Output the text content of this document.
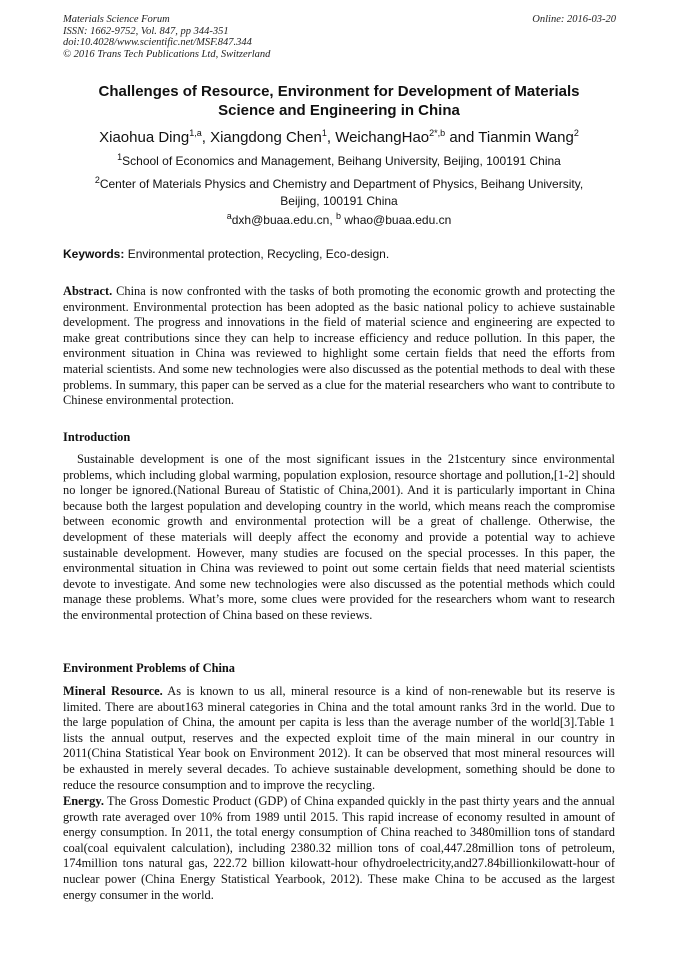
Materials Science Forum
ISSN: 1662-9752, Vol. 847, pp 344-351
doi:10.4028/www.scientific.net/MSF.847.344
© 2016 Trans Tech Publications Ltd, Switzerland
Online: 2016-03-20
Challenges of Resource, Environment for Development of Materials
Science and Engineering in China
Xiaohua Ding$^{1,a}$, Xiangdong Chen$^1$, WeichangHao$^{2*,b}$ and Tianmin Wang$^2$
$^1$School of Economics and Management, Beihang University, Beijing, 100191 China
$^2$Center of Materials Physics and Chemistry and Department of Physics, Beihang University,
Beijing, 100191 China
$^a$dxh@buaa.edu.cn, $^b$ whao@buaa.edu.cn
Keywords: Environmental protection, Recycling, Eco-design.
Abstract. China is now confronted with the tasks of both promoting the economic growth and protecting the environment. Environmental protection has been adopted as the basic national policy to achieve sustainable development. The progress and innovations in the field of material science and engineering are expected to make great contributions since they can help to increase efficiency and reduce pollution. In this paper, the environment situation in China was reviewed to highlight some certain fields that need the efforts from material scientists. And some new technologies were also discussed as the potential methods to deal with these problems. In summary, this paper can be served as a clue for the material researchers who want to contribute to Chinese environmental protection.
Introduction
Sustainable development is one of the most significant issues in the 21stcentury since environmental problems, which including global warming, population explosion, resource shortage and pollution,[1-2] should no longer be ignored.(National Bureau of Statistic of China,2001). And it is particularly important in China because both the largest population and developing country in the world, which means reach the compromise between economic growth and environmental protection will be a great of challenge. Otherwise, the development of these materials will deeply affect the economy and provide a potential way to achieve sustainable development. However, many studies are focused on the special processes. In this paper, the environmental situation in China was reviewed to point out some certain fields that need material scientists devote to investigate. And some new technologies were also discussed as the potential methods which could manage these problems. What’s more, some clues were provided for the researchers whom want to research the environmental protection of China based on these reviews.
Environment Problems of China
Mineral Resource. As is known to us all, mineral resource is a kind of non-renewable but its reserve is limited. There are about163 mineral categories in China and the total amount ranks 3rd in the world. Due to the large population of China, the amount per capita is less than the average number of the world[3].Table 1 lists the annual output, reserves and the expected exploit time of the main mineral in our country in 2011(China Statistical Year book on Environment 2012). It can be observed that most mineral resources will be exhausted in merely several decades. To achieve sustainable development, something should be done to reduce the resource consumption and to improve the recycling.
Energy. The Gross Domestic Product (GDP) of China expanded quickly in the past thirty years and the annual growth rate averaged over 10% from 1989 until 2015. This rapid increase of economy resulted in amount of energy consumption. In 2011, the total energy consumption of China reached to 3480million tons of standard coal(coal equivalent calculation), including 2380.32 million tons of coal,447.28million tons of petroleum, 174million tons natural gas, 222.72 billion kilowatt-hour ofhydroelectricity,and27.84billionkilowatt-hour of nuclear power (China Energy Statistical Yearbook, 2012). These make China to be accused as the largest energy consumer in the world.
